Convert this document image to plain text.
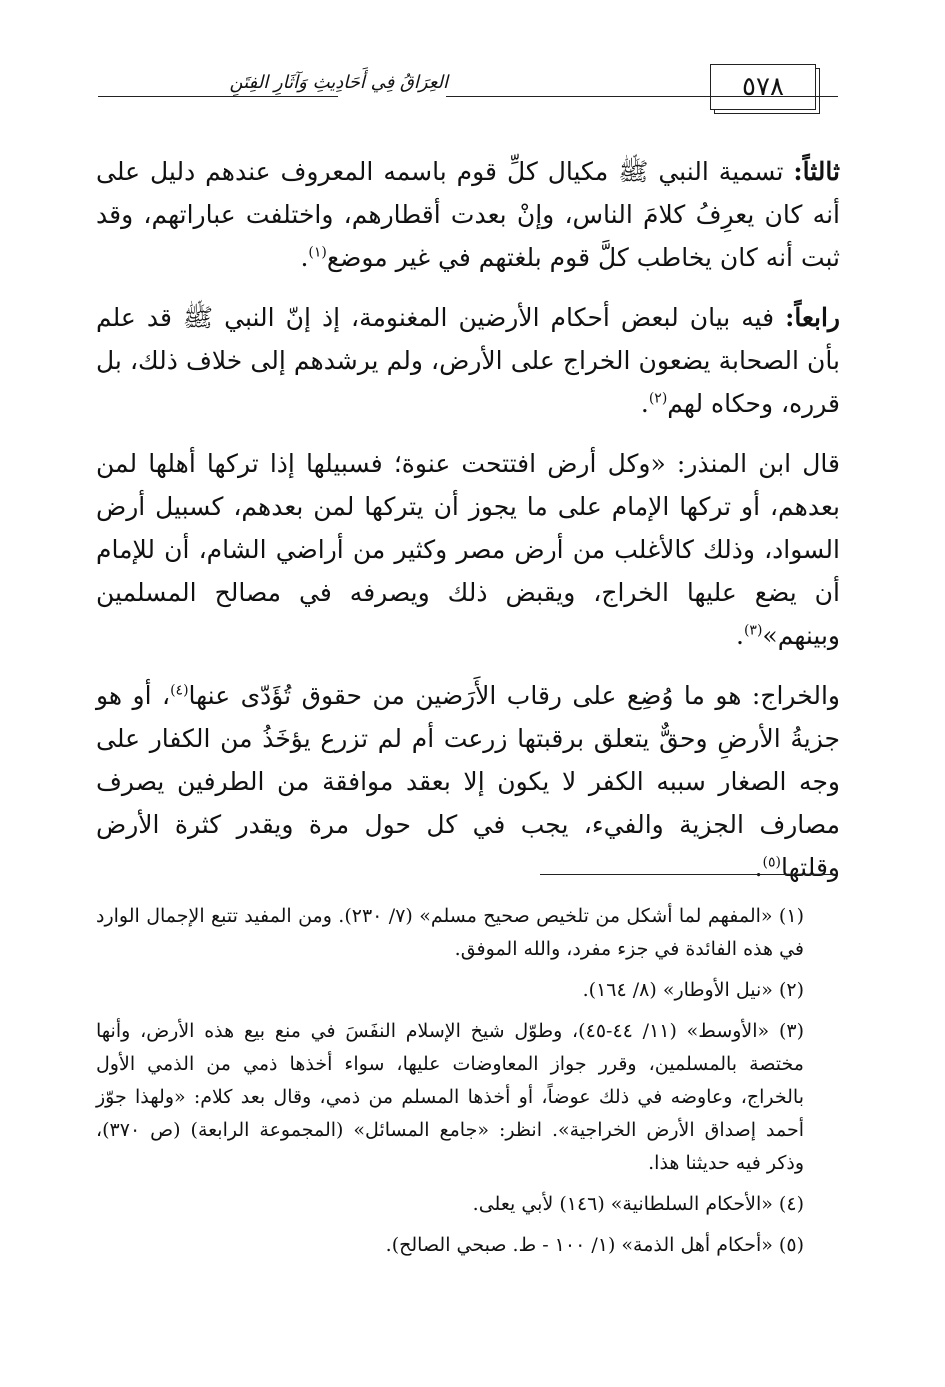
العِرَاقُ فِي أَحَادِيثِ وَآثَارِ الفِتَنِ	٥٧٨

ثالثاً: تسمية النبي ﷺ مكيال كلِّ قوم باسمه المعروف عندهم دليل على أنه كان يعرِفُ كلامَ الناس، وإنْ بعدت أقطارهم، واختلفت عباراتهم، وقد ثبت أنه كان يخاطب كلَّ قوم بلغتهم في غير موضع$^{(١)}$.

رابعاً: فيه بيان لبعض أحكام الأرضين المغنومة، إذ إنّ النبي ﷺ قد علم بأن الصحابة يضعون الخراج على الأرض، ولم يرشدهم إلى خلاف ذلك، بل قرره، وحكاه لهم$^{(٢)}$.

قال ابن المنذر: «وكل أرض افتتحت عنوة؛ فسبيلها إذا تركها أهلها لمن بعدهم، أو تركها الإمام على ما يجوز أن يتركها لمن بعدهم، كسبيل أرض السواد، وذلك كالأغلب من أرض مصر وكثير من أراضي الشام، أن للإمام أن يضع عليها الخراج، ويقبض ذلك ويصرفه في مصالح المسلمين وبينهم»$^{(٣)}$.

والخراج: هو ما وُضِع على رقاب الأَرَضين من حقوق تُؤَدّى عنها$^{(٤)}$، أو هو جزيةُ الأرضِ وحقٌّ يتعلق برقبتها زرعت أم لم تزرع يؤخَذُ من الكفار على وجه الصغار سببه الكفر لا يكون إلا بعقد موافقة من الطرفين يصرف مصارف الجزية والفيء، يجب في كل حول مرة ويقدر كثرة الأرض وقلتها$^{(٥)}$.

(١) «المفهم لما أشكل من تلخيص صحيح مسلم» (٧/ ٢٣٠). ومن المفيد تتبع الإجمال الوارد في هذه الفائدة في جزء مفرد، والله الموفق.

(٢) «نيل الأوطار» (٨/ ١٦٤).

(٣) «الأوسط» (١١/ ٤٤-٤٥)، وطوّل شيخ الإسلام النفَسَ في منع بيع هذه الأرض، وأنها مختصة بالمسلمين، وقرر جواز المعاوضات عليها، سواء أخذها ذمي من الذمي الأول بالخراج، وعاوضه في ذلك عوضاً، أو أخذها المسلم من ذمي، وقال بعد كلام: «ولهذا جوّز أحمد إصداق الأرض الخراجية». انظر: «جامع المسائل» (المجموعة الرابعة) (ص ٣٧٠)، وذكر فيه حديثنا هذا.

(٤) «الأحكام السلطانية» (١٤٦) لأبي يعلى.

(٥) «أحكام أهل الذمة» (١/ ١٠٠ - ط. صبحي الصالح).
